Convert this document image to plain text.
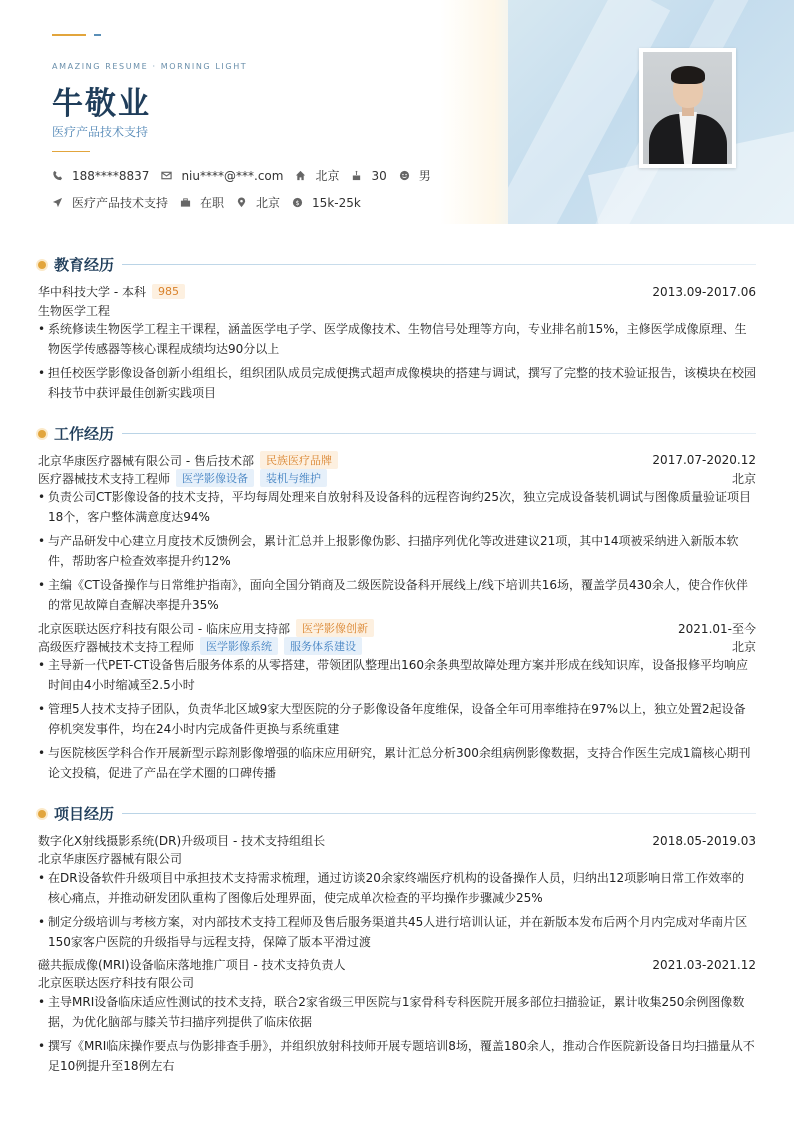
AMAZING RESUME · MORNING LIGHT
牛敬业
医疗产品技术支持
188****8837	niu****@***.com	北京	30	男
医疗产品技术支持	在职	北京 $ 15k-25k
教育经历
华中科技大学 - 本科	985	2013.09-2017.06
生物医学工程
• 系统修读生物医学工程主干课程，涵盖医学电子学、医学成像技术、生物信号处理等方向，专业排名前15%，主修医学成像原理、生物医学传感器等核心课程成绩均达90分以上
• 担任校医学影像设备创新小组组长，组织团队成员完成便携式超声成像模块的搭建与调试，撰写了完整的技术验证报告，该模块在校园科技节中获评最佳创新实践项目
工作经历
北京华康医疗器械有限公司 - 售后技术部	民族医疗品牌	2017.07-2020.12
医疗器械技术支持工程师	医学影像设备	装机与维护	北京
• 负责公司CT影像设备的技术支持，平均每周处理来自放射科及设备科的远程咨询约25次，独立完成设备装机调试与图像质量验证项目18个，客户整体满意度达94%
• 与产品研发中心建立月度技术反馈例会，累计汇总并上报影像伪影、扫描序列优化等改进建议21项，其中14项被采纳进入新版本软件，帮助客户检查效率提升约12%
• 主编《CT设备操作与日常维护指南》，面向全国分销商及二级医院设备科开展线上/线下培训共16场，覆盖学员430余人，使合作伙伴的常见故障自查解决率提升35%
北京医联达医疗科技有限公司 - 临床应用支持部	医学影像创新	2021.01-至今
高级医疗器械技术支持工程师	医学影像系统	服务体系建设	北京
• 主导新一代PET-CT设备售后服务体系的从零搭建，带领团队整理出160余条典型故障处理方案并形成在线知识库，设备报修平均响应时间由4小时缩减至2.5小时
• 管理5人技术支持子团队，负责华北区域9家大型医院的分子影像设备年度维保，设备全年可用率维持在97%以上，独立处置2起设备停机突发事件，均在24小时内完成备件更换与系统重建
• 与医院核医学科合作开展新型示踪剂影像增强的临床应用研究，累计汇总分析300余组病例影像数据，支持合作医生完成1篇核心期刊论文投稿，促进了产品在学术圈的口碑传播
项目经历
数字化X射线摄影系统(DR)升级项目 - 技术支持组组长	2018.05-2019.03
北京华康医疗器械有限公司
• 在DR设备软件升级项目中承担技术支持需求梳理，通过访谈20余家终端医疗机构的设备操作人员，归纳出12项影响日常工作效率的核心痛点，并推动研发团队重构了图像后处理界面，使完成单次检查的平均操作步骤减少25%
• 制定分级培训与考核方案，对内部技术支持工程师及售后服务渠道共45人进行培训认证，并在新版本发布后两个月内完成对华南片区150家客户医院的升级指导与远程支持，保障了版本平滑过渡
磁共振成像(MRI)设备临床落地推广项目 - 技术支持负责人	2021.03-2021.12
北京医联达医疗科技有限公司
• 主导MRI设备临床适应性测试的技术支持，联合2家省级三甲医院与1家骨科专科医院开展多部位扫描验证，累计收集250余例图像数据，为优化脑部与膝关节扫描序列提供了临床依据
• 撰写《MRI临床操作要点与伪影排查手册》，并组织放射科技师开展专题培训8场，覆盖180余人，推动合作医院新设备日均扫描量从不足10例提升至18例左右
